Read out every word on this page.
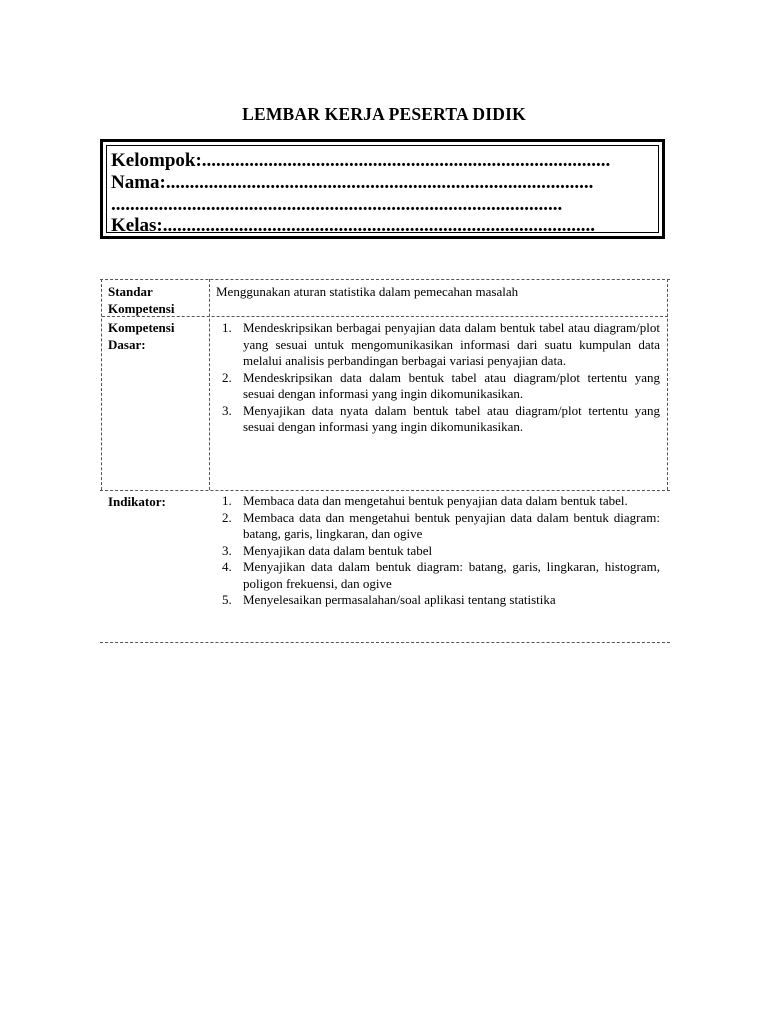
LEMBAR KERJA PESERTA DIDIK
Kelompok:......................................................................................
Nama:..........................................................................................
...............................................................................................
Kelas:...........................................................................................
Standar Kompetensi
Menggunakan aturan statistika dalam pemecahan masalah
Kompetensi Dasar:
1. Mendeskripsikan berbagai penyajian data dalam bentuk tabel atau diagram/plot yang sesuai untuk mengomunikasikan informasi dari suatu kumpulan data melalui analisis perbandingan berbagai variasi penyajian data.
2. Mendeskripsikan data dalam bentuk tabel atau diagram/plot tertentu yang sesuai dengan informasi yang ingin dikomunikasikan.
3. Menyajikan data nyata dalam bentuk tabel atau diagram/plot tertentu yang sesuai dengan informasi yang ingin dikomunikasikan.
Indikator:	1. Membaca data dan mengetahui bentuk penyajian data dalam bentuk tabel.
2. Membaca data dan mengetahui bentuk penyajian data dalam bentuk diagram: batang, garis, lingkaran, dan ogive
3. Menyajikan data dalam bentuk tabel
4. Menyajikan data dalam bentuk diagram: batang, garis, lingkaran, histogram, poligon frekuensi, dan ogive
5. Menyelesaikan permasalahan/soal aplikasi tentang statistika
